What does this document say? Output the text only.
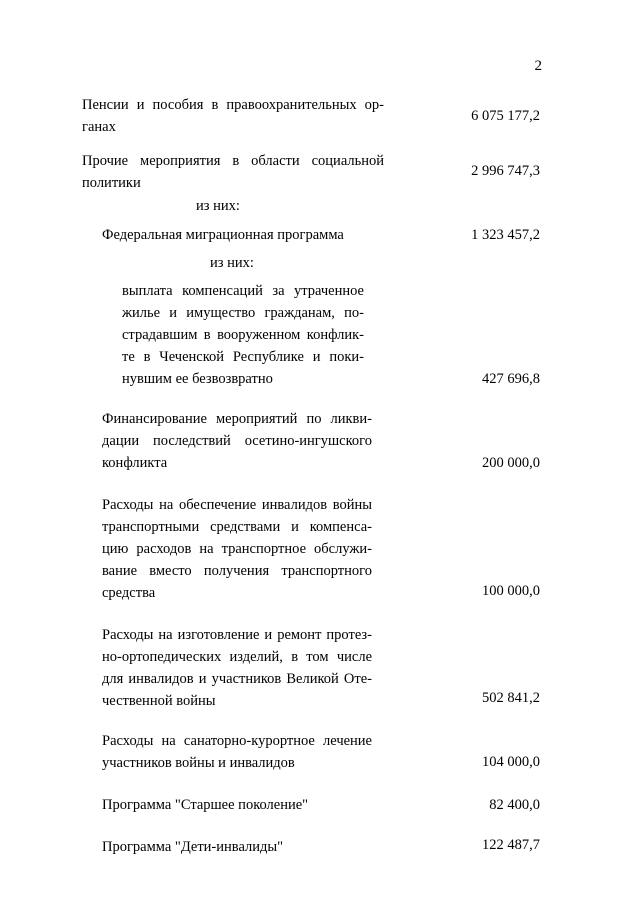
2
Пенсии и пособия в правоохранительных ор-
ганах
6 075 177,2
Прочие мероприятия в области социальной
политики
2 996 747,3
из них:
Федеральная миграционная программа	1 323 457,2
из них:
выплата компенсаций за утраченное
жилье и имущество гражданам, по-
страдавшим в вооруженном конфлик-
те в Чеченской Республике и поки-
нувшим ее безвозвратно	427 696,8
Финансирование мероприятий по ликви-
дации последствий осетино-ингушского
конфликта	200 000,0
Расходы на обеспечение инвалидов войны
транспортными средствами и компенса-
цию расходов на транспортное обслужи-
вание вместо получения транспортного
средства	100 000,0
Расходы на изготовление и ремонт протез-
но-ортопедических изделий, в том числе
для инвалидов и участников Великой Оте-
чественной войны	502 841,2
Расходы на санаторно-курортное лечение
участников войны и инвалидов	104 000,0
Программа "Старшее поколение"	82 400,0
Программа "Дети-инвалиды"	122 487,7
